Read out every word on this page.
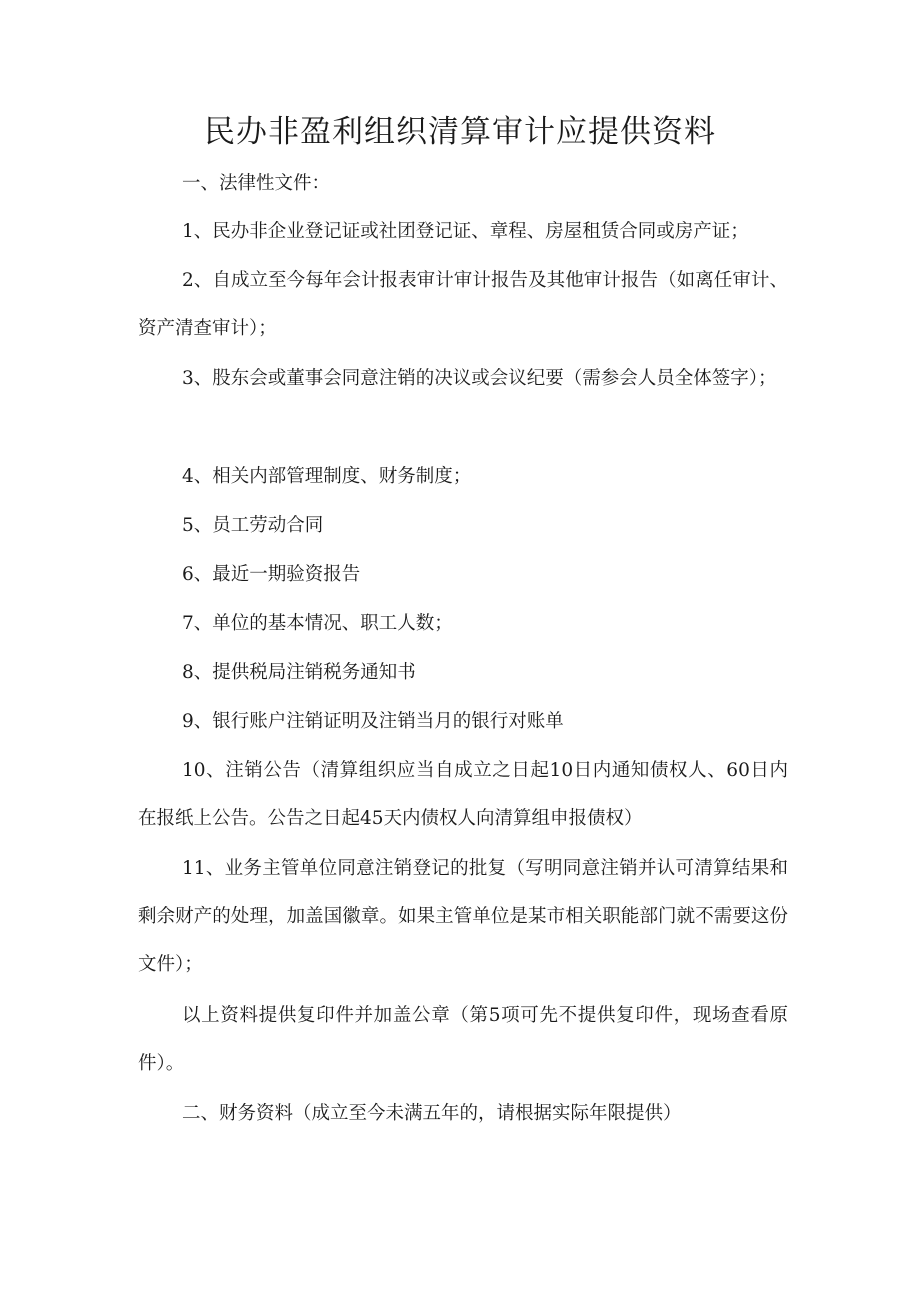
民办非盈利组织清算审计应提供资料
一、法律性文件：
1、民办非企业登记证或社团登记证、章程、房屋租赁合同或房产证；
2、自成立至今每年会计报表审计审计报告及其他审计报告（如离任审计、资产清查审计）；
3、股东会或董事会同意注销的决议或会议纪要（需参会人员全体签字）；
4、相关内部管理制度、财务制度；
5、员工劳动合同
6、最近一期验资报告
7、单位的基本情况、职工人数；
8、提供税局注销税务通知书
9、银行账户注销证明及注销当月的银行对账单
10、注销公告（清算组织应当自成立之日起10日内通知债权人、60日内在报纸上公告。公告之日起45天内债权人向清算组申报债权）
11、业务主管单位同意注销登记的批复（写明同意注销并认可清算结果和剩余财产的处理，加盖国徽章。如果主管单位是某市相关职能部门就不需要这份文件）；
以上资料提供复印件并加盖公章（第5项可先不提供复印件，现场查看原件）。
二、财务资料（成立至今未满五年的，请根据实际年限提供）
